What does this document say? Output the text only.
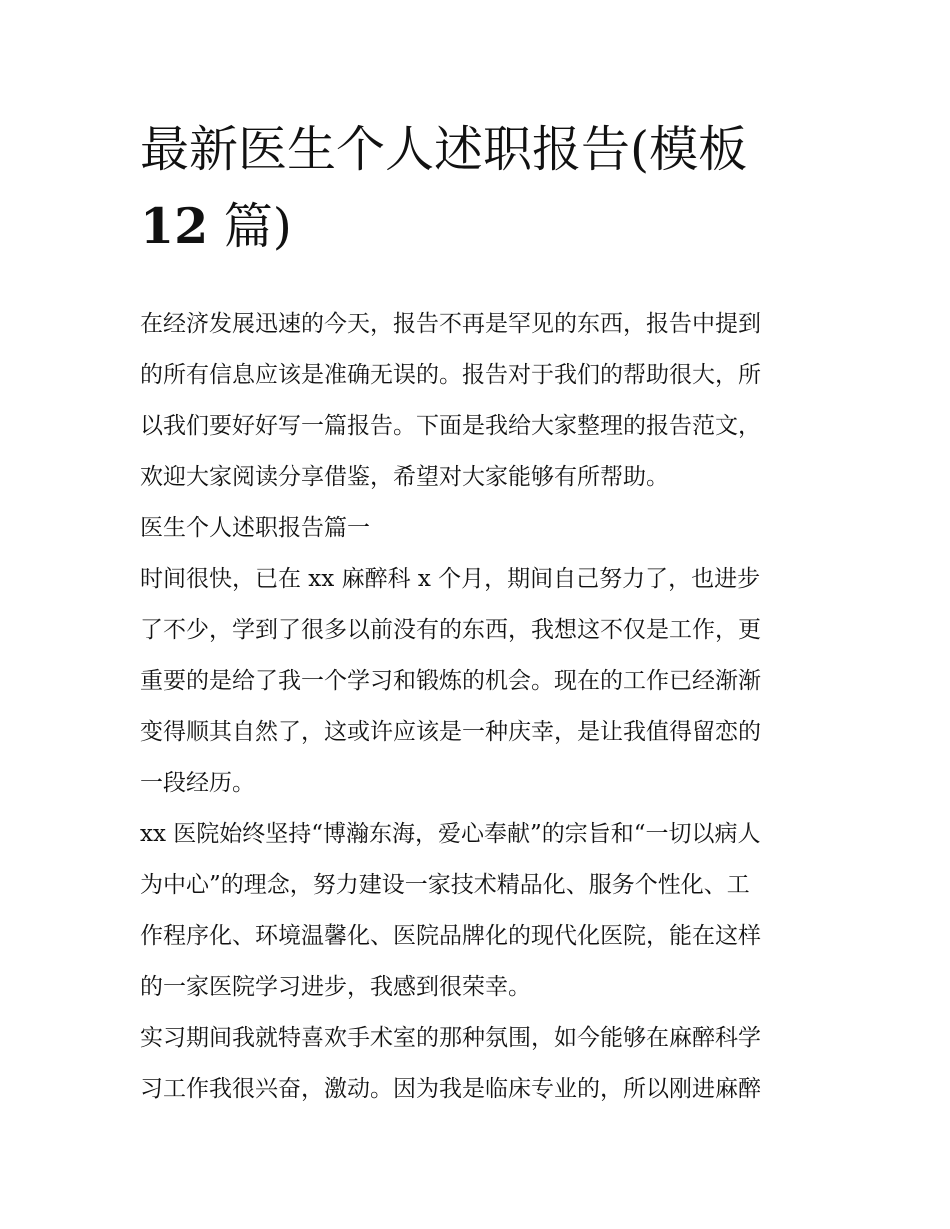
最新医生个人述职报告(模板
12 篇)

在经济发展迅速的今天，报告不再是罕见的东西，报告中提到
的所有信息应该是准确无误的。报告对于我们的帮助很大，所
以我们要好好写一篇报告。下面是我给大家整理的报告范文，
欢迎大家阅读分享借鉴，希望对大家能够有所帮助。

医生个人述职报告篇一

时间很快，已在 xx 麻醉科 x 个月，期间自己努力了，也进步
了不少，学到了很多以前没有的东西，我想这不仅是工作，更
重要的是给了我一个学习和锻炼的机会。现在的工作已经渐渐
变得顺其自然了，这或许应该是一种庆幸，是让我值得留恋的
一段经历。

xx 医院始终坚持“博瀚东海，爱心奉献”的宗旨和“一切以病人
为中心”的理念，努力建设一家技术精品化、服务个性化、工
作程序化、环境温馨化、医院品牌化的现代化医院，能在这样
的一家医院学习进步，我感到很荣幸。

实习期间我就特喜欢手术室的那种氛围，如今能够在麻醉科学
习工作我很兴奋，激动。因为我是临床专业的，所以刚进麻醉
